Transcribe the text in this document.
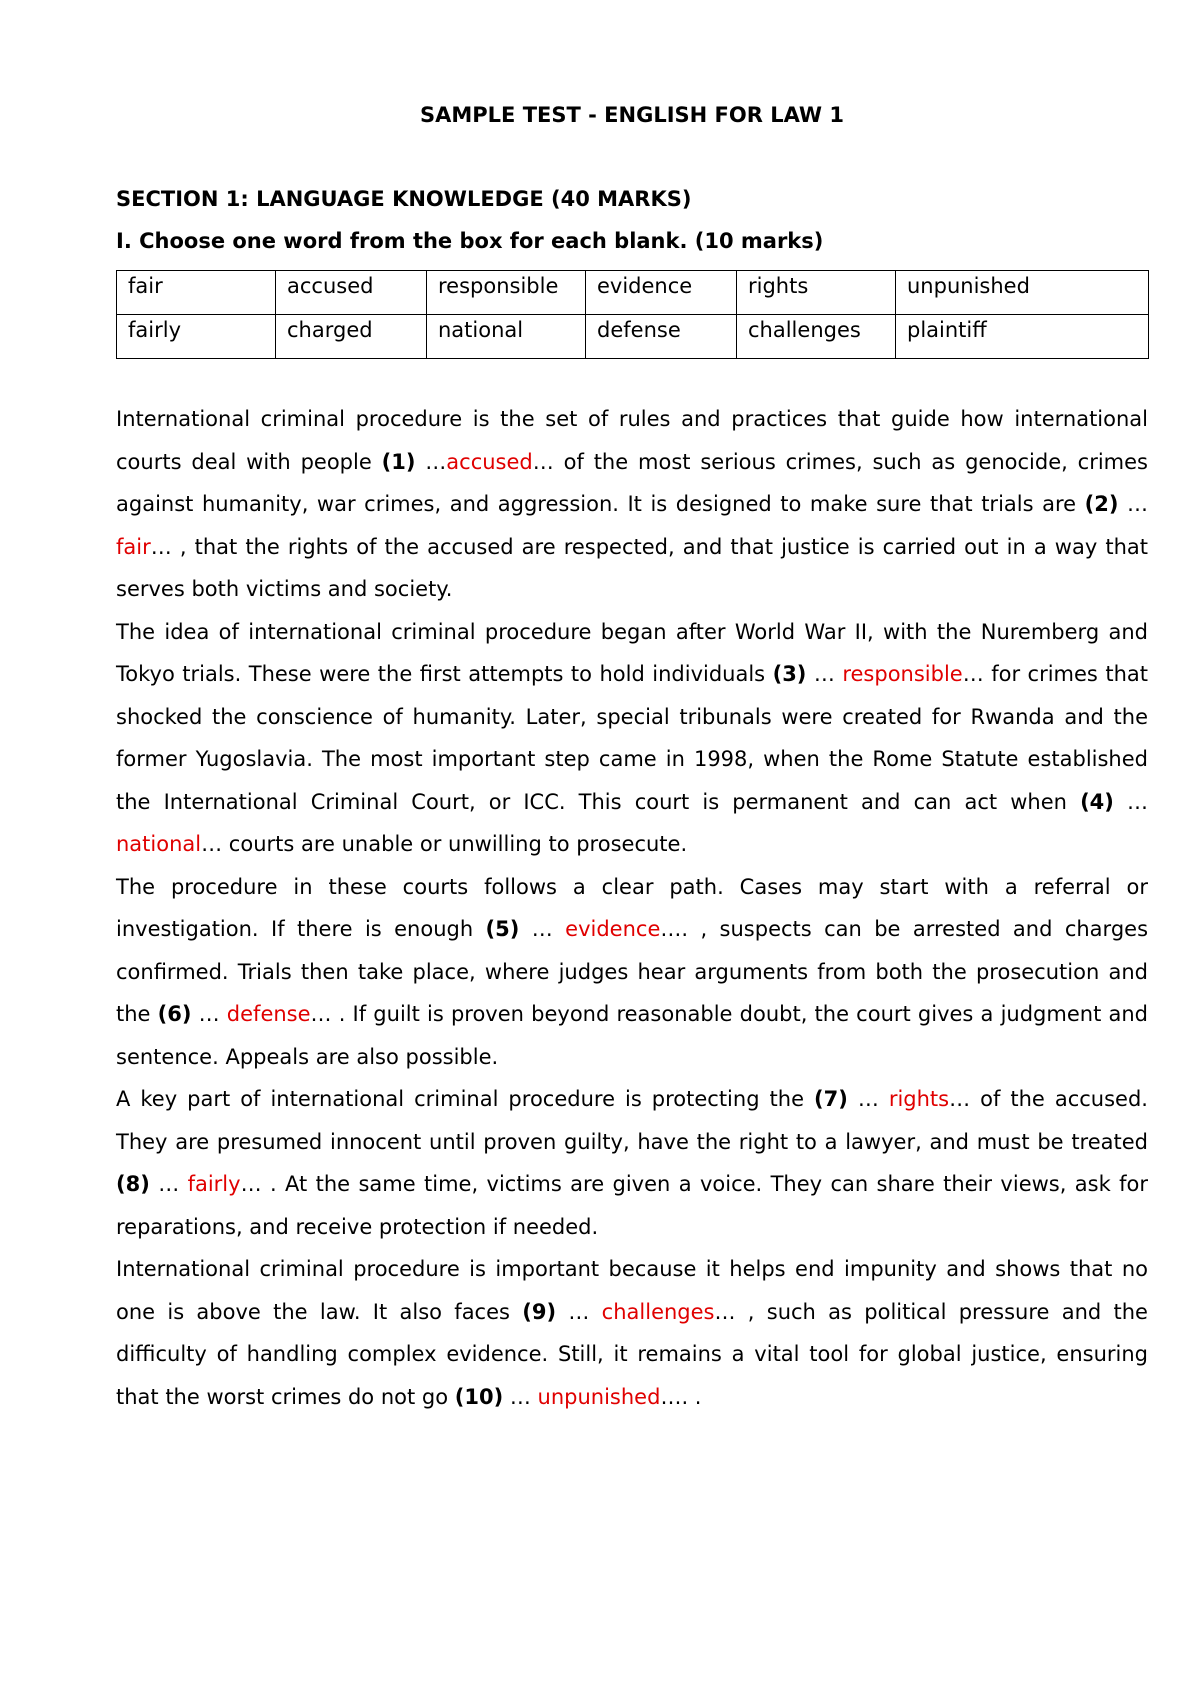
SAMPLE TEST - ENGLISH FOR LAW 1
SECTION 1: LANGUAGE KNOWLEDGE (40 MARKS)
I. Choose one word from the box for each blank. (10 marks)
fair	accused	responsible	evidence	rights	unpunished
fairly	charged	national	defense	challenges	plaintiff

International criminal procedure is the set of rules and practices that guide how international courts deal with people (1) …accused… of the most serious crimes, such as genocide, crimes against humanity, war crimes, and aggression. It is designed to make sure that trials are (2) …fair… , that the rights of the accused are respected, and that justice is carried out in a way that serves both victims and society.

The idea of international criminal procedure began after World War II, with the Nuremberg and Tokyo trials. These were the first attempts to hold individuals (3) … responsible… for crimes that shocked the conscience of humanity. Later, special tribunals were created for Rwanda and the former Yugoslavia. The most important step came in 1998, when the Rome Statute established the International Criminal Court, or ICC. This court is permanent and can act when (4) … national… courts are unable or unwilling to prosecute.

The procedure in these courts follows a clear path. Cases may start with a referral or investigation. If there is enough (5) … evidence…. , suspects can be arrested and charges confirmed. Trials then take place, where judges hear arguments from both the prosecution and the (6) … defense… . If guilt is proven beyond reasonable doubt, the court gives a judgment and sentence. Appeals are also possible.

A key part of international criminal procedure is protecting the (7) … rights… of the accused. They are presumed innocent until proven guilty, have the right to a lawyer, and must be treated (8) … fairly… . At the same time, victims are given a voice. They can share their views, ask for reparations, and receive protection if needed.

International criminal procedure is important because it helps end impunity and shows that no one is above the law. It also faces (9) … challenges… , such as political pressure and the difficulty of handling complex evidence. Still, it remains a vital tool for global justice, ensuring that the worst crimes do not go (10) … unpunished…. .
